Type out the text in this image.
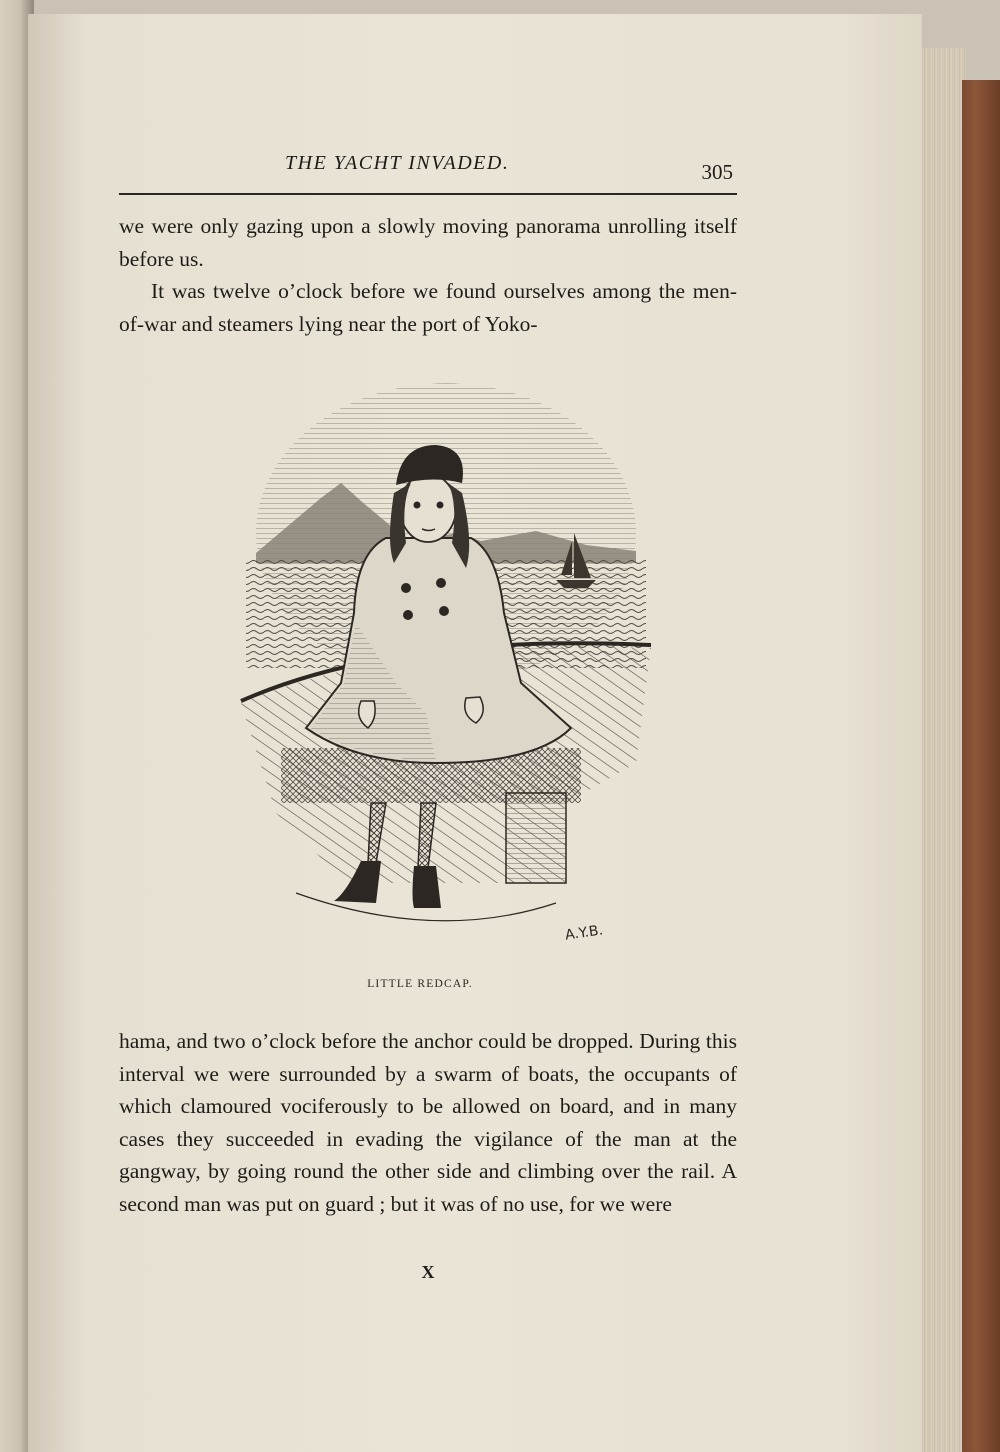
THE YACHT INVADED.	305

we were only gazing upon a slowly moving panorama unrolling itself before us.

It was twelve o’clock before we found ourselves among the men-of-war and steamers lying near the port of Yoko-

A.Y.B.
LITTLE REDCAP.

hama, and two o’clock before the anchor could be dropped. During this interval we were surrounded by a swarm of boats, the occupants of which clamoured vociferously to be allowed on board, and in many cases they succeeded in evading the vigilance of the man at the gangway, by going round the other side and climbing over the rail. A second man was put on guard ; but it was of no use, for we were

X
